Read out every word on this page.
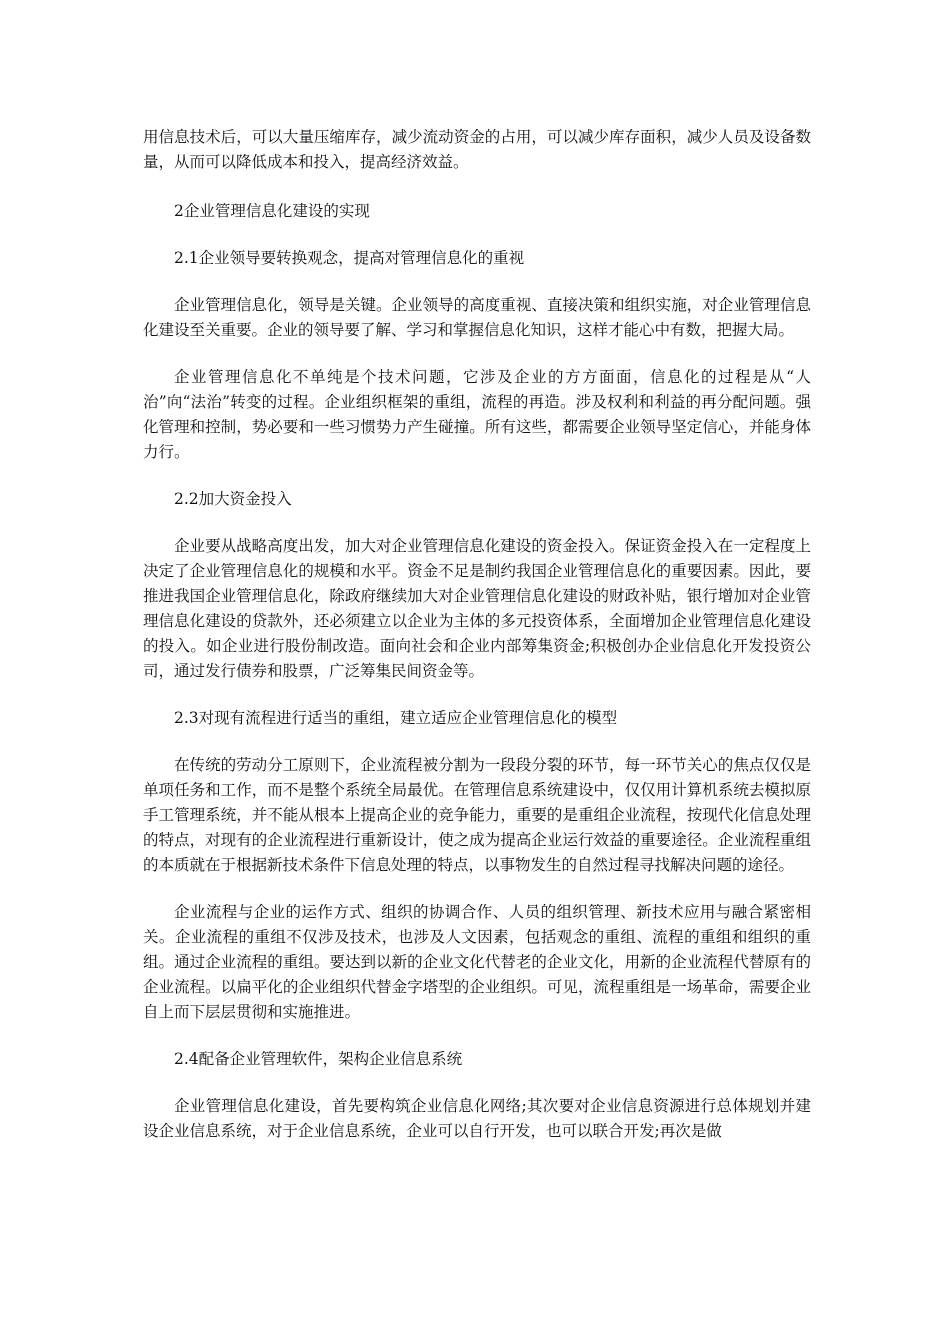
用信息技术后，可以大量压缩库存，减少流动资金的占用，可以减少库存面积，减少人员及设备数量，从而可以降低成本和投入，提高经济效益。

2企业管理信息化建设的实现

2.1企业领导要转换观念，提高对管理信息化的重视

企业管理信息化，领导是关键。企业领导的高度重视、直接决策和组织实施，对企业管理信息化建设至关重要。企业的领导要了解、学习和掌握信息化知识，这样才能心中有数，把握大局。

企业管理信息化不单纯是个技术问题，它涉及企业的方方面面，信息化的过程是从“人治”向“法治”转变的过程。企业组织框架的重组，流程的再造。涉及权利和利益的再分配问题。强化管理和控制，势必要和一些习惯势力产生碰撞。所有这些，都需要企业领导坚定信心，并能身体力行。

2.2加大资金投入

企业要从战略高度出发，加大对企业管理信息化建设的资金投入。保证资金投入在一定程度上决定了企业管理信息化的规模和水平。资金不足是制约我国企业管理信息化的重要因素。因此，要推进我国企业管理信息化，除政府继续加大对企业管理信息化建设的财政补贴，银行增加对企业管理信息化建设的贷款外，还必须建立以企业为主体的多元投资体系，全面增加企业管理信息化建设的投入。如企业进行股份制改造。面向社会和企业内部筹集资金;积极创办企业信息化开发投资公司，通过发行债券和股票，广泛筹集民间资金等。

2.3对现有流程进行适当的重组，建立适应企业管理信息化的模型

在传统的劳动分工原则下，企业流程被分割为一段段分裂的环节，每一环节关心的焦点仅仅是单项任务和工作，而不是整个系统全局最优。在管理信息系统建设中，仅仅用计算机系统去模拟原手工管理系统，并不能从根本上提高企业的竞争能力，重要的是重组企业流程，按现代化信息处理的特点，对现有的企业流程进行重新设计，使之成为提高企业运行效益的重要途径。企业流程重组的本质就在于根据新技术条件下信息处理的特点，以事物发生的自然过程寻找解决问题的途径。

企业流程与企业的运作方式、组织的协调合作、人员的组织管理、新技术应用与融合紧密相关。企业流程的重组不仅涉及技术，也涉及人文因素，包括观念的重组、流程的重组和组织的重组。通过企业流程的重组。要达到以新的企业文化代替老的企业文化，用新的企业流程代替原有的企业流程。以扁平化的企业组织代替金字塔型的企业组织。可见，流程重组是一场革命，需要企业自上而下层层贯彻和实施推进。

2.4配备企业管理软件，架构企业信息系统

企业管理信息化建设，首先要构筑企业信息化网络;其次要对企业信息资源进行总体规划并建设企业信息系统，对于企业信息系统，企业可以自行开发，也可以联合开发;再次是做
